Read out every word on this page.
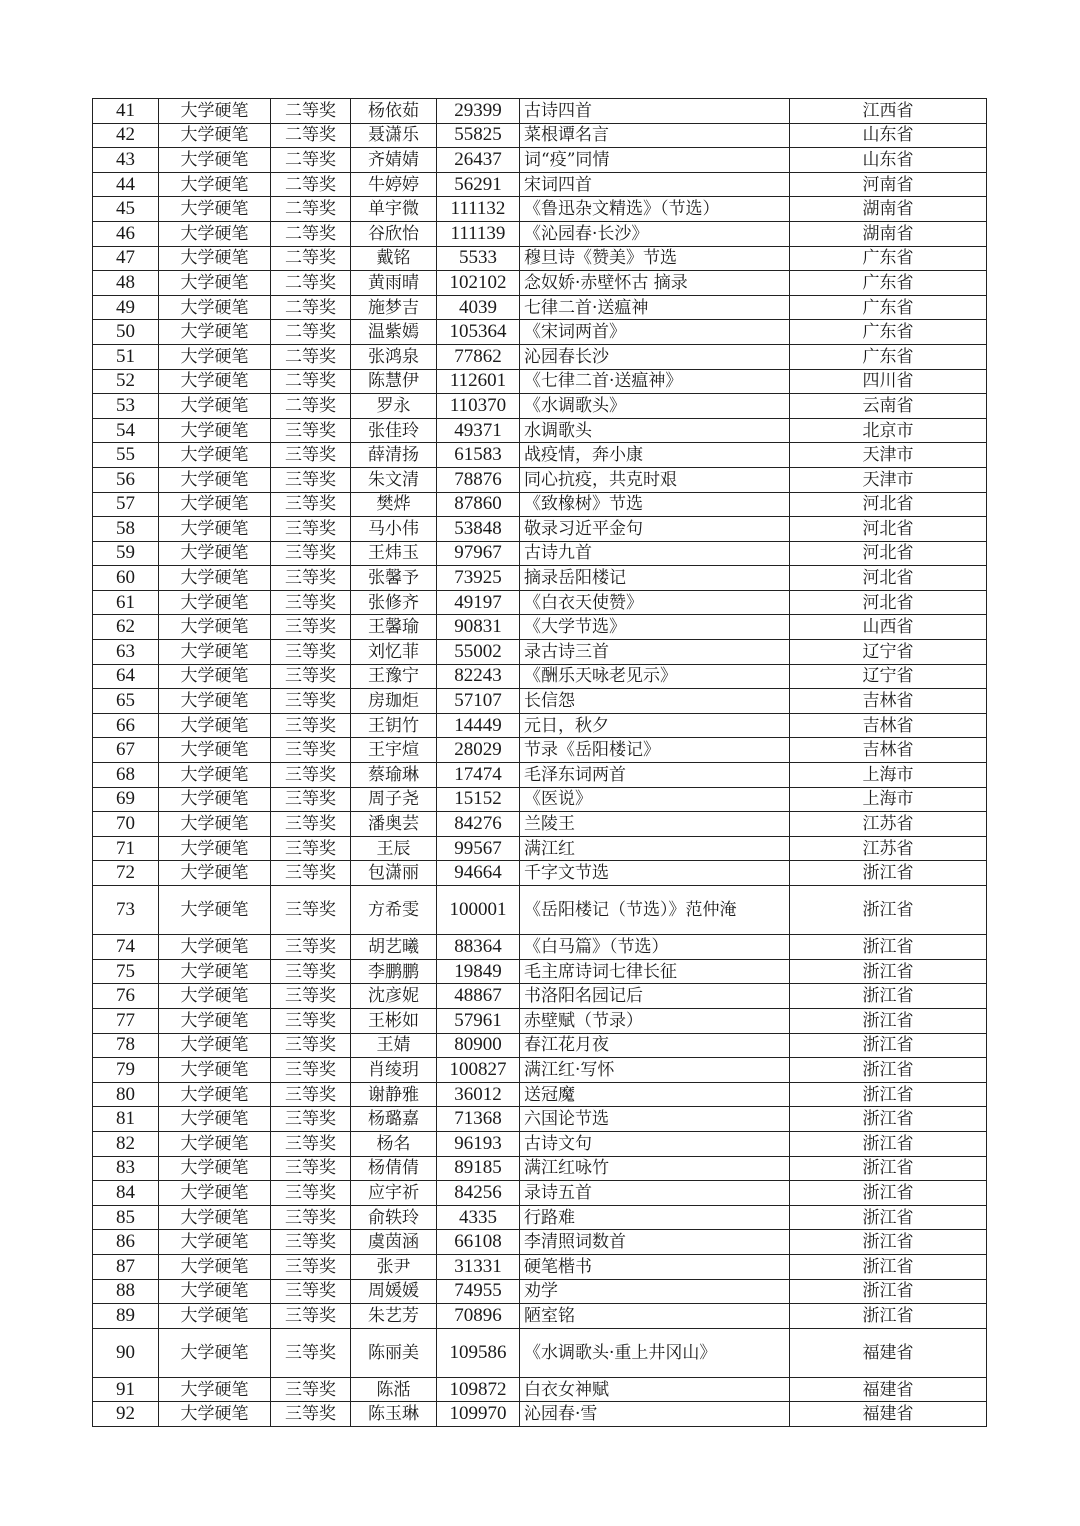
41	大学硬笔	二等奖	杨依茹	29399	古诗四首	江西省
42	大学硬笔	二等奖	聂潇乐	55825	菜根谭名言	山东省
43	大学硬笔	二等奖	齐婧婧	26437	词“疫”同情	山东省
44	大学硬笔	二等奖	牛婷婷	56291	宋词四首	河南省
45	大学硬笔	二等奖	单宇微	111132	《鲁迅杂文精选》（节选）	湖南省
46	大学硬笔	二等奖	谷欣怡	111139	《沁园春·长沙》	湖南省
47	大学硬笔	二等奖	戴铭	5533	穆旦诗《赞美》节选	广东省
48	大学硬笔	二等奖	黄雨晴	102102	念奴娇·赤壁怀古 摘录	广东省
49	大学硬笔	二等奖	施梦吉	4039	七律二首·送瘟神	广东省
50	大学硬笔	二等奖	温紫嫣	105364	《宋词两首》	广东省
51	大学硬笔	二等奖	张鸿泉	77862	沁园春长沙	广东省
52	大学硬笔	二等奖	陈慧伊	112601	《七律二首·送瘟神》	四川省
53	大学硬笔	二等奖	罗永	110370	《水调歌头》	云南省
54	大学硬笔	三等奖	张佳玲	49371	水调歌头	北京市
55	大学硬笔	三等奖	薛清扬	61583	战疫情，奔小康	天津市
56	大学硬笔	三等奖	朱文清	78876	同心抗疫，共克时艰	天津市
57	大学硬笔	三等奖	樊烨	87860	《致橡树》节选	河北省
58	大学硬笔	三等奖	马小伟	53848	敬录习近平金句	河北省
59	大学硬笔	三等奖	王炜玉	97967	古诗九首	河北省
60	大学硬笔	三等奖	张馨予	73925	摘录岳阳楼记	河北省
61	大学硬笔	三等奖	张修齐	49197	《白衣天使赞》	河北省
62	大学硬笔	三等奖	王馨瑜	90831	《大学节选》	山西省
63	大学硬笔	三等奖	刘忆菲	55002	录古诗三首	辽宁省
64	大学硬笔	三等奖	王豫宁	82243	《酬乐天咏老见示》	辽宁省
65	大学硬笔	三等奖	房珈炬	57107	长信怨	吉林省
66	大学硬笔	三等奖	王钥竹	14449	元日，秋夕	吉林省
67	大学硬笔	三等奖	王宇煊	28029	节录《岳阳楼记》	吉林省
68	大学硬笔	三等奖	蔡瑜琳	17474	毛泽东词两首	上海市
69	大学硬笔	三等奖	周子尧	15152	《医说》	上海市
70	大学硬笔	三等奖	潘奥芸	84276	兰陵王	江苏省
71	大学硬笔	三等奖	王辰	99567	满江红	江苏省
72	大学硬笔	三等奖	包潇丽	94664	千字文节选	浙江省
73	大学硬笔	三等奖	方希雯	100001	《岳阳楼记（节选）》范仲淹	浙江省
74	大学硬笔	三等奖	胡艺曦	88364	《白马篇》（节选）	浙江省
75	大学硬笔	三等奖	李鹏鹏	19849	毛主席诗词七律长征	浙江省
76	大学硬笔	三等奖	沈彦妮	48867	书洛阳名园记后	浙江省
77	大学硬笔	三等奖	王彬如	57961	赤壁赋（节录）	浙江省
78	大学硬笔	三等奖	王婧	80900	春江花月夜	浙江省
79	大学硬笔	三等奖	肖绫玥	100827	满江红·写怀	浙江省
80	大学硬笔	三等奖	谢静雅	36012	送冠魔	浙江省
81	大学硬笔	三等奖	杨璐嘉	71368	六国论节选	浙江省
82	大学硬笔	三等奖	杨名	96193	古诗文句	浙江省
83	大学硬笔	三等奖	杨倩倩	89185	满江红咏竹	浙江省
84	大学硬笔	三等奖	应宇祈	84256	录诗五首	浙江省
85	大学硬笔	三等奖	俞轶玲	4335	行路难	浙江省
86	大学硬笔	三等奖	虞茵涵	66108	李清照词数首	浙江省
87	大学硬笔	三等奖	张尹	31331	硬笔楷书	浙江省
88	大学硬笔	三等奖	周媛媛	74955	劝学	浙江省
89	大学硬笔	三等奖	朱艺芳	70896	陋室铭	浙江省
90	大学硬笔	三等奖	陈丽美	109586	《水调歌头·重上井冈山》	福建省
91	大学硬笔	三等奖	陈湉	109872	白衣女神赋	福建省
92	大学硬笔	三等奖	陈玉琳	109970	沁园春·雪	福建省
